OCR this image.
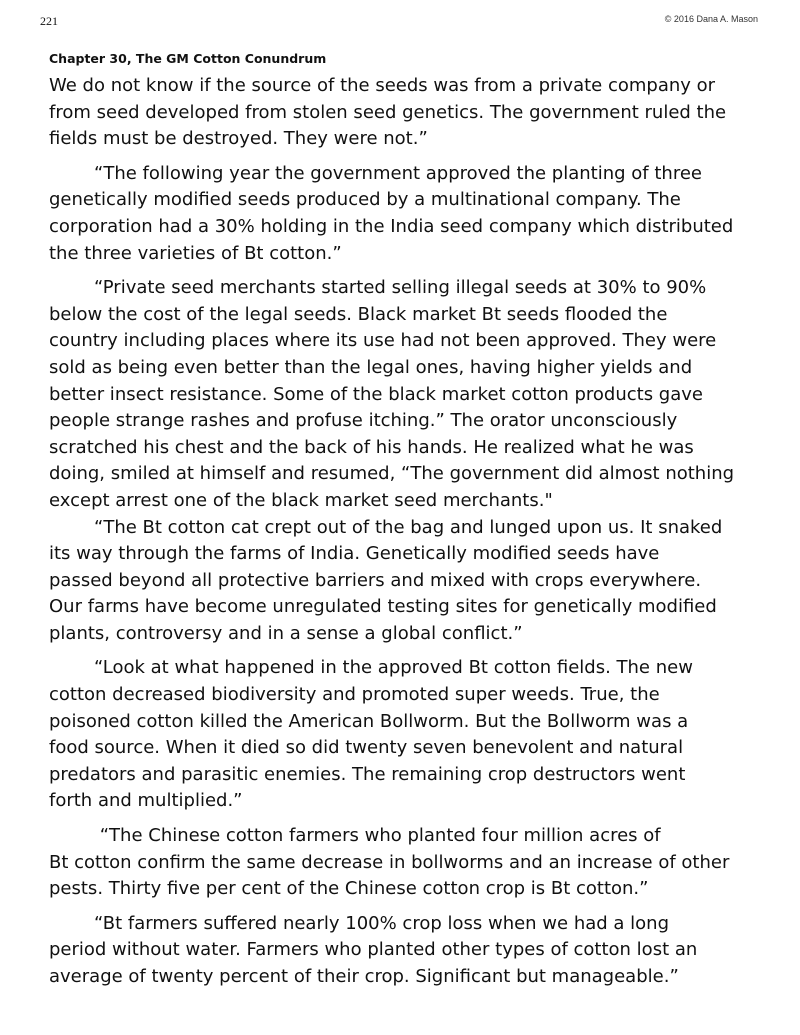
221	© 2016 Dana A. Mason
Chapter 30, The GM Cotton Conundrum

We do not know if the source of the seeds was from a private company or
from seed developed from stolen seed genetics. The government ruled the
fields must be destroyed. They were not.”

“The following year the government approved the planting of three
genetically modified seeds produced by a multinational company. The
corporation had a 30% holding in the India seed company which distributed
the three varieties of Bt cotton.”

“Private seed merchants started selling illegal seeds at 30% to 90%
below the cost of the legal seeds. Black market Bt seeds flooded the
country including places where its use had not been approved. They were
sold as being even better than the legal ones, having higher yields and
better insect resistance. Some of the black market cotton products gave
people strange rashes and profuse itching.” The orator unconsciously
scratched his chest and the back of his hands. He realized what he was
doing, smiled at himself and resumed, “The government did almost nothing
except arrest one of the black market seed merchants."

“The Bt cotton cat crept out of the bag and lunged upon us. It snaked
its way through the farms of India. Genetically modified seeds have
passed beyond all protective barriers and mixed with crops everywhere.
Our farms have become unregulated testing sites for genetically modified
plants, controversy and in a sense a global conflict.”

“Look at what happened in the approved Bt cotton fields. The new
cotton decreased biodiversity and promoted super weeds. True, the
poisoned cotton killed the American Bollworm. But the Bollworm was a
food source. When it died so did twenty seven benevolent and natural
predators and parasitic enemies. The remaining crop destructors went
forth and multiplied.”

“The Chinese cotton farmers who planted four million acres of
Bt cotton confirm the same decrease in bollworms and an increase of other
pests. Thirty five per cent of the Chinese cotton crop is Bt cotton.”

“Bt farmers suffered nearly 100% crop loss when we had a long
period without water. Farmers who planted other types of cotton lost an
average of twenty percent of their crop. Significant but manageable.”
